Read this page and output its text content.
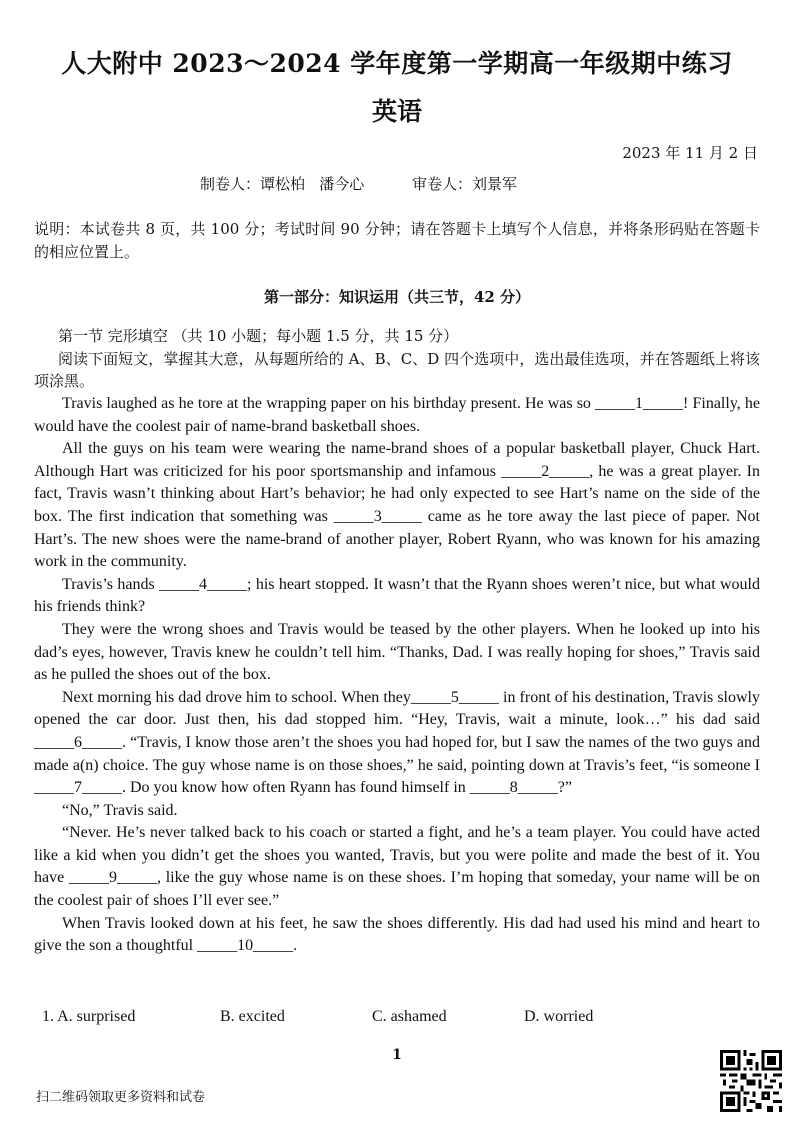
人大附中 2023～2024 学年度第一学期高一年级期中练习
英语
2023 年 11 月 2 日
制卷人：谭松柏   潘今心          审卷人：刘景军
说明：本试卷共 8 页，共 100 分；考试时间 90 分钟；请在答题卡上填写个人信息，并将条形码贴在答题卡的相应位置上。
第一部分：知识运用（共三节，42 分）
第一节 完形填空 （共 10 小题；每小题 1.5 分，共 15 分）
阅读下面短文，掌握其大意，从每题所给的 A、B、C、D 四个选项中，选出最佳选项，并在答题纸上将该项涂黑。

Travis laughed as he tore at the wrapping paper on his birthday present. He was so _____1_____! Finally, he would have the coolest pair of name-brand basketball shoes.

All the guys on his team were wearing the name-brand shoes of a popular basketball player, Chuck Hart. Although Hart was criticized for his poor sportsmanship and infamous _____2_____, he was a great player. In fact, Travis wasn’t thinking about Hart’s behavior; he had only expected to see Hart’s name on the side of the box. The first indication that something was _____3_____ came as he tore away the last piece of paper. Not Hart’s. The new shoes were the name-brand of another player, Robert Ryann, who was known for his amazing work in the community.

Travis’s hands _____4_____; his heart stopped. It wasn’t that the Ryann shoes weren’t nice, but what would his friends think?

They were the wrong shoes and Travis would be teased by the other players. When he looked up into his dad’s eyes, however, Travis knew he couldn’t tell him. “Thanks, Dad. I was really hoping for shoes,” Travis said as he pulled the shoes out of the box.

Next morning his dad drove him to school. When they_____5_____ in front of his destination, Travis slowly opened the car door. Just then, his dad stopped him. “Hey, Travis, wait a minute, look…” his dad said _____6_____. “Travis, I know those aren’t the shoes you had hoped for, but I saw the names of the two guys and made a(n) choice. The guy whose name is on those shoes,” he said, pointing down at Travis’s feet, “is someone I _____7_____. Do you know how often Ryann has found himself in _____8_____?”

“No,” Travis said.

“Never. He’s never talked back to his coach or started a fight, and he’s a team player. You could have acted like a kid when you didn’t get the shoes you wanted, Travis, but you were polite and made the best of it. You have _____9_____, like the guy whose name is on these shoes. I’m hoping that someday, your name will be on the coolest pair of shoes I’ll ever see.”

When Travis looked down at his feet, he saw the shoes differently. His dad had used his mind and heart to give the son a thoughtful _____10_____.

1. A. surprised	B. excited	C. ashamed	D. worried
1
扫二维码领取更多资料和试卷
